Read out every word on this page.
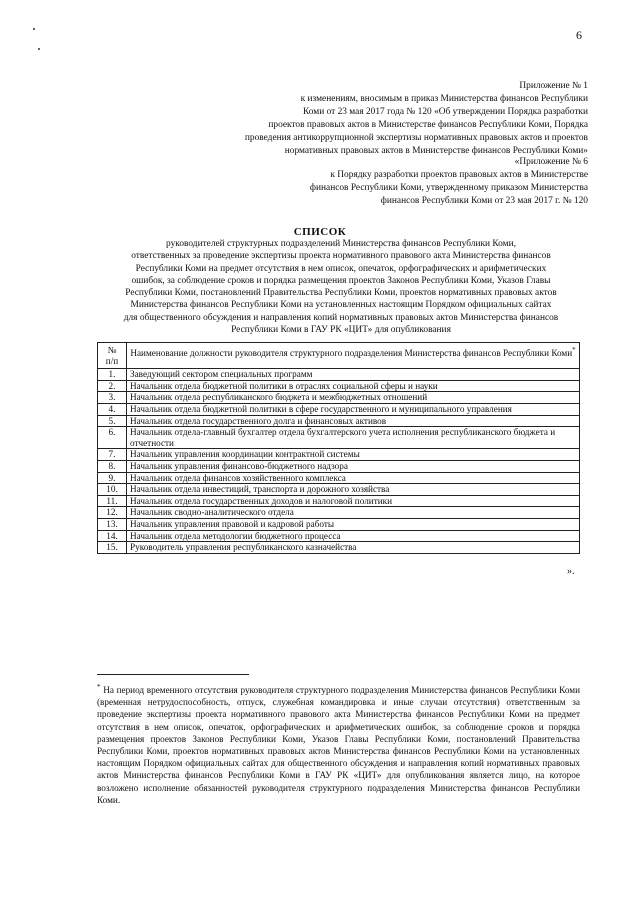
6
Приложение № 1
к изменениям, вносимым в приказ Министерства финансов Республики
Коми от 23 мая 2017 года № 120 «Об утверждении Порядка разработки
проектов правовых актов в Министерстве финансов Республики Коми, Порядка
проведения антикоррупционной экспертизы нормативных правовых актов и проектов
нормативных правовых актов в Министерстве финансов Республики Коми»
«Приложение № 6
к Порядку разработки проектов правовых актов в Министерстве
финансов Республики Коми, утвержденному приказом Министерства
финансов Республики Коми от 23 мая 2017 г. № 120
СПИСОК
руководителей структурных подразделений Министерства финансов Республики Коми,
ответственных за проведение экспертизы проекта нормативного правового акта Министерства финансов
Республики Коми на предмет отсутствия в нем описок, опечаток, орфографических и арифметических
ошибок, за соблюдение сроков и порядка размещения проектов Законов Республики Коми, Указов Главы
Республики Коми, постановлений Правительства Республики Коми, проектов нормативных правовых актов
Министерства финансов Республики Коми на установленных настоящим Порядком официальных сайтах
для общественного обсуждения и направления копий нормативных правовых актов Министерства финансов
Республики Коми в ГАУ РК «ЦИТ» для опубликования
№
п/п	Наименование должности руководителя структурного подразделения Министерства финансов Республики Коми*
1.	Заведующий сектором специальных программ
2.	Начальник отдела бюджетной политики в отраслях социальной сферы и науки
3.	Начальник отдела республиканского бюджета и межбюджетных отношений
4.	Начальник отдела бюджетной политики в сфере государственного и муниципального управления
5.	Начальник отдела государственного долга и финансовых активов
6.	Начальник отдела-главный бухгалтер отдела бухгалтерского учета исполнения республиканского бюджета и отчетности
7.	Начальник управления координации контрактной системы
8.	Начальник управления финансово-бюджетного надзора
9.	Начальник отдела финансов хозяйственного комплекса
10.	Начальник отдела инвестиций, транспорта и дорожного хозяйства
11.	Начальник отдела государственных доходов и налоговой политики
12.	Начальник сводно-аналитического отдела
13.	Начальник управления правовой и кадровой работы
14.	Начальник отдела методологии бюджетного процесса
15.	Руководитель управления республиканского казначейства
».
* На период временного отсутствия руководителя структурного подразделения Министерства финансов Республики Коми (временная нетрудоспособность, отпуск, служебная командировка и иные случаи отсутствия) ответственным за проведение экспертизы проекта нормативного правового акта Министерства финансов Республики Коми на предмет отсутствия в нем описок, опечаток, орфографических и арифметических ошибок, за соблюдение сроков и порядка размещения проектов Законов Республики Коми, Указов Главы Республики Коми, постановлений Правительства Республики Коми, проектов нормативных правовых актов Министерства финансов Республики Коми на установленных настоящим Порядком официальных сайтах для общественного обсуждения и направления копий нормативных правовых актов Министерства финансов Республики Коми в ГАУ РК «ЦИТ» для опубликования является лицо, на которое возложено исполнение обязанностей руководителя структурного подразделения Министерства финансов Республики Коми.
